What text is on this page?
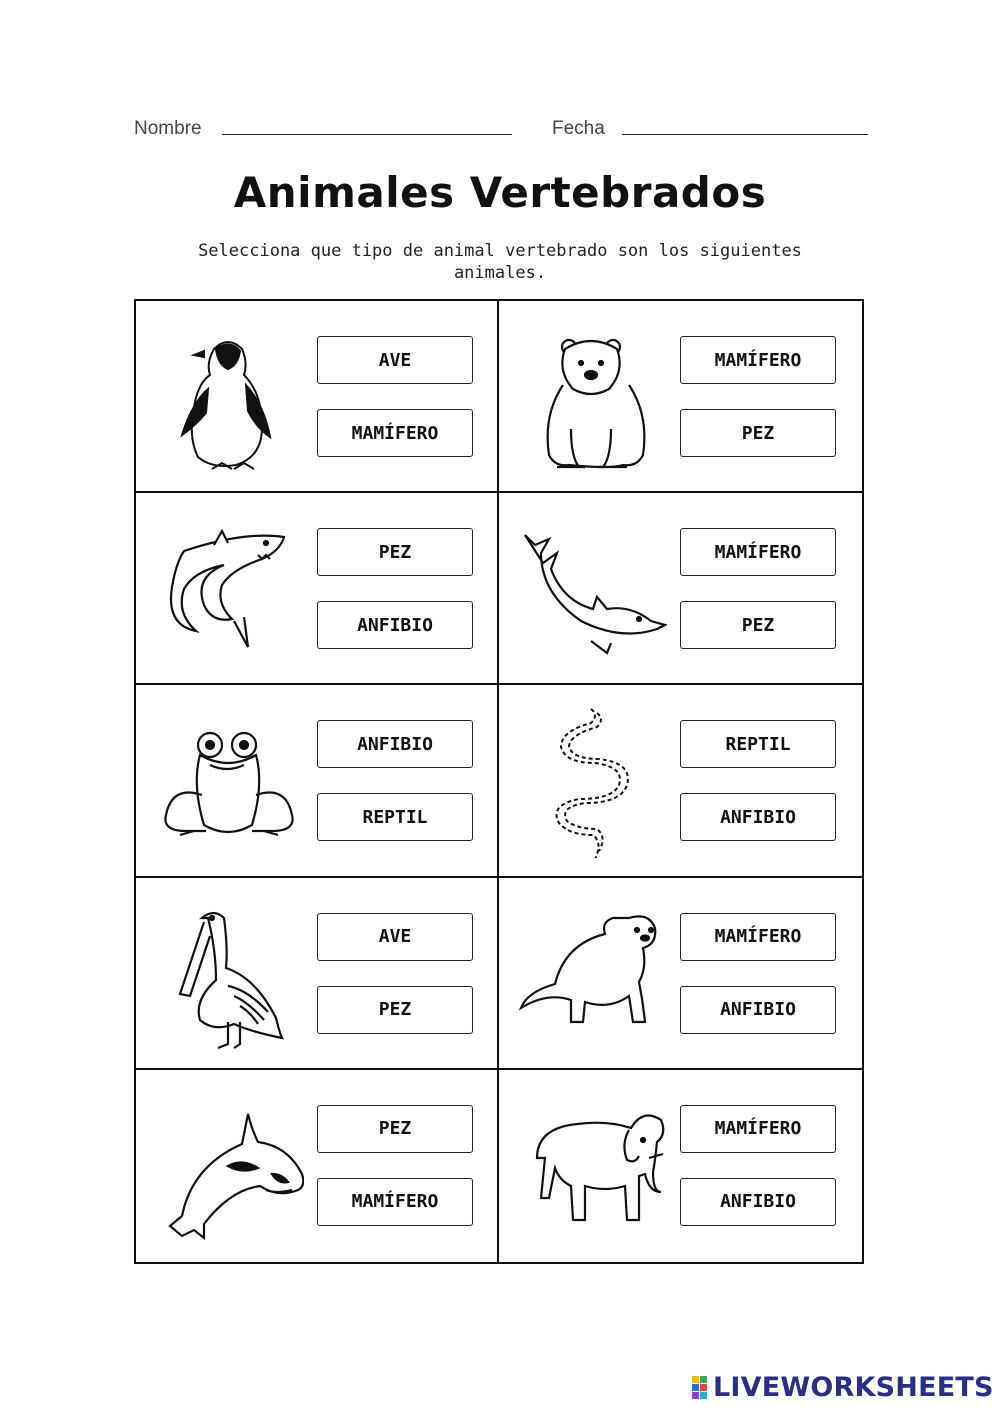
Nombre	Fecha
Animales Vertebrados

Selecciona que tipo de animal vertebrado son los siguientes animales.

AVE
MAMÍFERO
MAMÍFERO
PEZ
PEZ
ANFIBIO
MAMÍFERO
PEZ
ANFIBIO
REPTIL
REPTIL
ANFIBIO
AVE
PEZ
MAMÍFERO
ANFIBIO
PEZ
MAMÍFERO
MAMÍFERO
ANFIBIO
LIVEWORKSHEETS
